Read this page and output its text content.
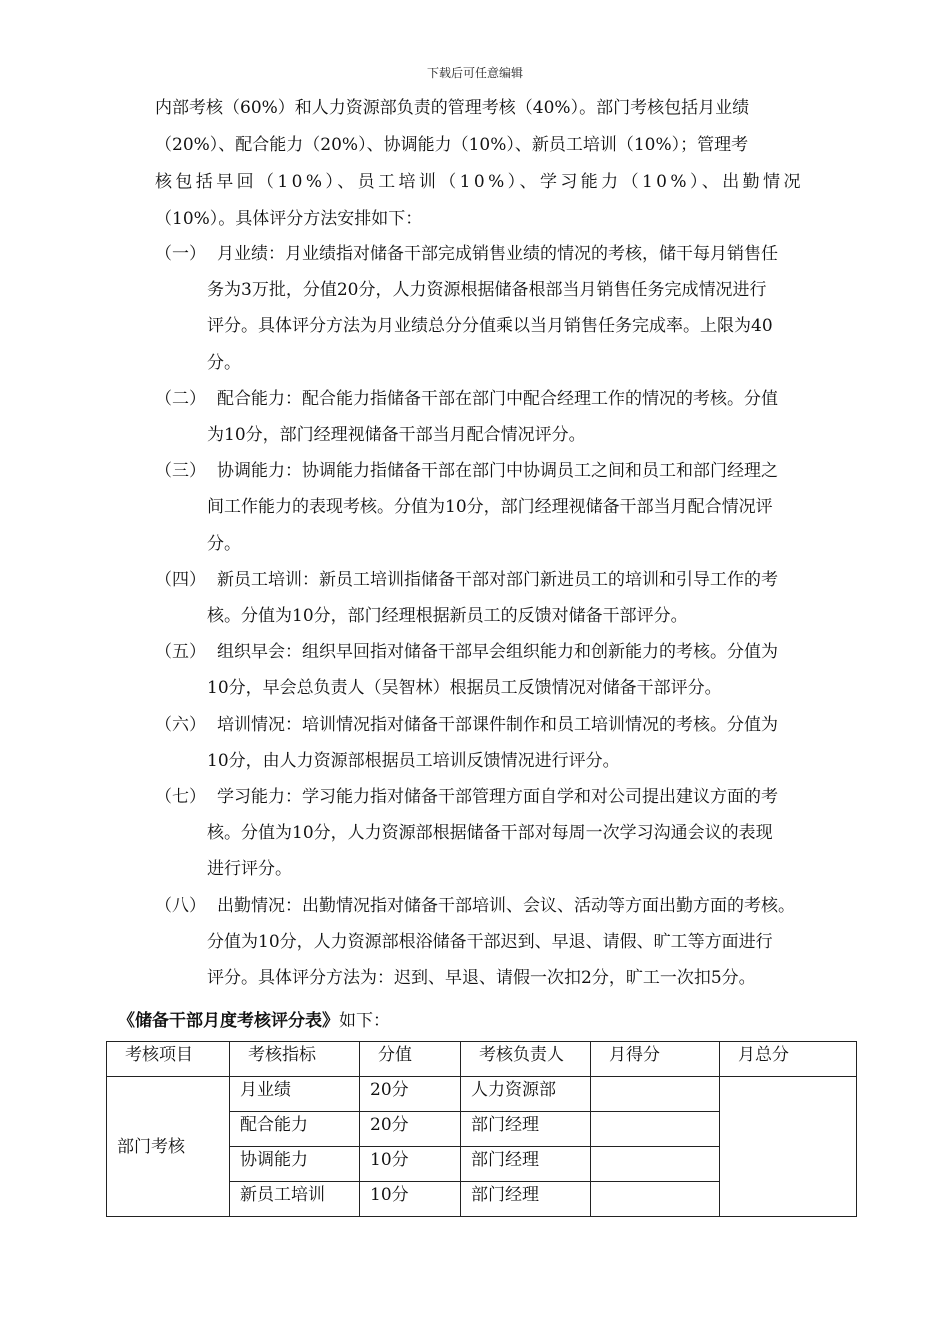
下载后可任意编辑

内部考核（60%）和人力资源部负责的管理考核（40%）。部门考核包括月业绩

（20%）、配合能力（20%）、协调能力（10%）、新员工培训（10%）；管理考

核包括早回（10%）、员工培训（10%）、学习能力（10%）、出勤情况

（10%）。具体评分方法安排如下：

（一） 月业绩：月业绩指对储备干部完成销售业绩的情况的考核，储干每月销售任
务为3万批，分值20分，人力资源根据储备根部当月销售任务完成情况进行
评分。具体评分方法为月业绩总分分值乘以当月销售任务完成率。上限为40
分。
（二） 配合能力：配合能力指储备干部在部门中配合经理工作的情况的考核。分值
为10分，部门经理视储备干部当月配合情况评分。
（三） 协调能力：协调能力指储备干部在部门中协调员工之间和员工和部门经理之
间工作能力的表现考核。分值为10分，部门经理视储备干部当月配合情况评
分。
（四） 新员工培训：新员工培训指储备干部对部门新进员工的培训和引导工作的考
核。分值为10分，部门经理根据新员工的反馈对储备干部评分。
（五） 组织早会：组织早回指对储备干部早会组织能力和创新能力的考核。分值为
10分，早会总负责人（吴智林）根据员工反馈情况对储备干部评分。
（六） 培训情况：培训情况指对储备干部课件制作和员工培训情况的考核。分值为
10分，由人力资源部根据员工培训反馈情况进行评分。
（七） 学习能力：学习能力指对储备干部管理方面自学和对公司提出建议方面的考
核。分值为10分，人力资源部根据储备干部对每周一次学习沟通会议的表现
进行评分。
（八） 出勤情况：出勤情况指对储备干部培训、会议、活动等方面出勤方面的考核。
分值为10分，人力资源部根浴储备干部迟到、早退、请假、旷工等方面进行
评分。具体评分方法为：迟到、早退、请假一次扣2分，旷工一次扣5分。
《储备干部月度考核评分表》如下：
考核项目	考核指标	分值	考核负责人	月得分	月总分
部门考核	月业绩	20分	人力资源部		
	配合能力	20分	部门经理		
	协调能力	10分	部门经理		
	新员工培训	10分	部门经理		
